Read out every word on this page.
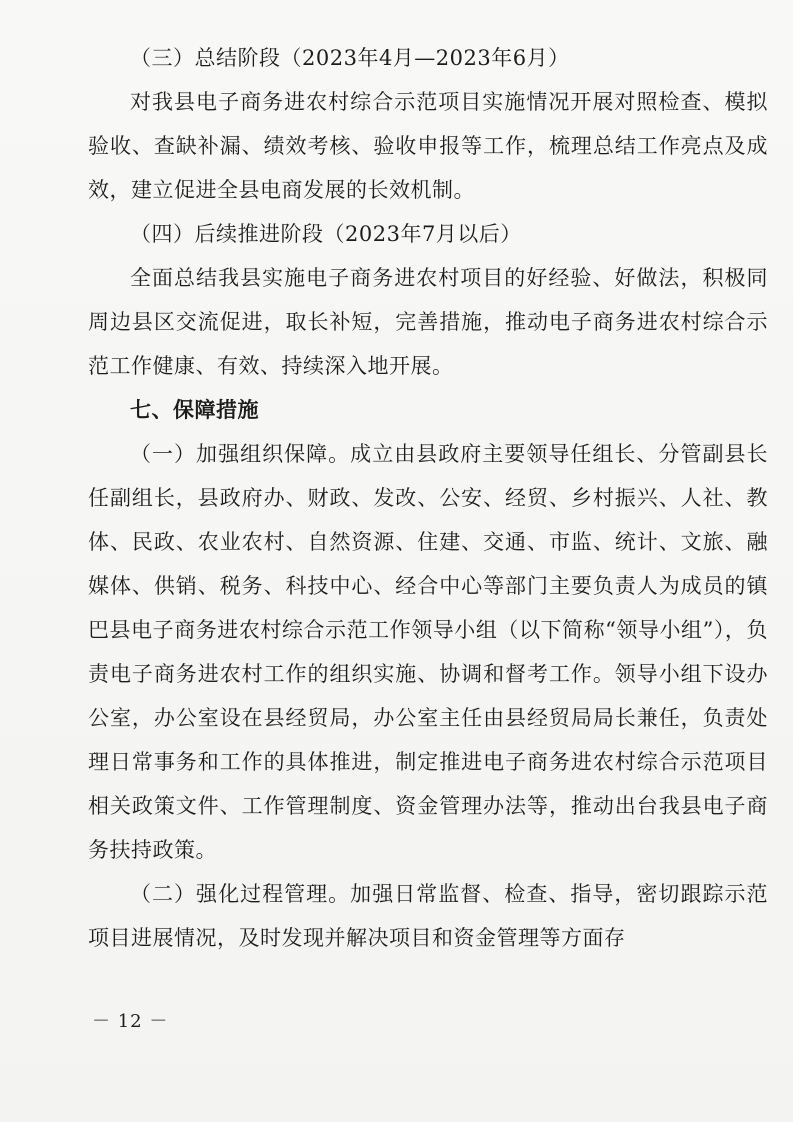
（三）总结阶段（2023年4月—2023年6月）

对我县电子商务进农村综合示范项目实施情况开展对照检查、模拟验收、查缺补漏、绩效考核、验收申报等工作，梳理总结工作亮点及成效，建立促进全县电商发展的长效机制。

（四）后续推进阶段（2023年7月以后）

全面总结我县实施电子商务进农村项目的好经验、好做法，积极同周边县区交流促进，取长补短，完善措施，推动电子商务进农村综合示范工作健康、有效、持续深入地开展。

七、保障措施

（一）加强组织保障。成立由县政府主要领导任组长、分管副县长任副组长，县政府办、财政、发改、公安、经贸、乡村振兴、人社、教体、民政、农业农村、自然资源、住建、交通、市监、统计、文旅、融媒体、供销、税务、科技中心、经合中心等部门主要负责人为成员的镇巴县电子商务进农村综合示范工作领导小组（以下简称“领导小组”），负责电子商务进农村工作的组织实施、协调和督考工作。领导小组下设办公室，办公室设在县经贸局，办公室主任由县经贸局局长兼任，负责处理日常事务和工作的具体推进，制定推进电子商务进农村综合示范项目相关政策文件、工作管理制度、资金管理办法等，推动出台我县电子商务扶持政策。

（二）强化过程管理。加强日常监督、检查、指导，密切跟踪示范项目进展情况，及时发现并解决项目和资金管理等方面存

－ 12 －
